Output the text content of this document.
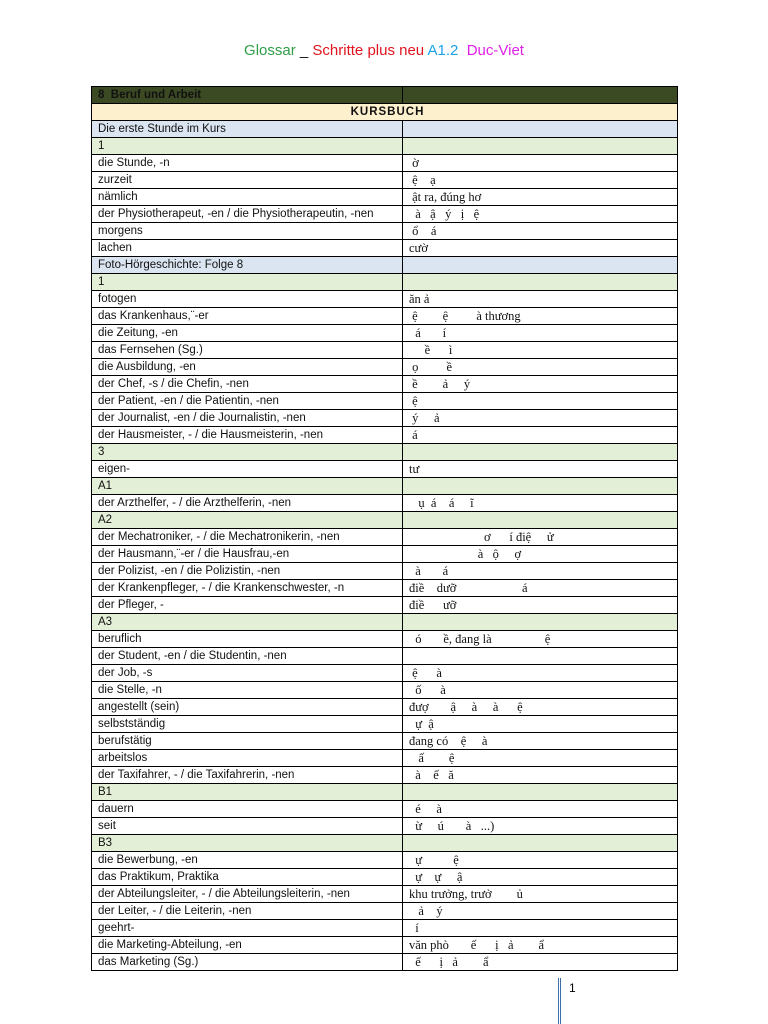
Glossar _ Schritte plus neu A1.2 Duc-Viet
8 Beruf und Arbeit	
KURSBUCH	
Die erste Stunde im Kurs	
1	
die Stunde, -n	ờ
zurzeit	ệ    ạ
nämlich	ật ra, đúng hơ
der Physiotherapeut, -en / die Physiotherapeutin, -nen	à   ậ   ý   ị   ệ
morgens	ổ    á
lachen	cườ
Foto-Hörgeschichte: Folge 8	
1	
fotogen	ăn ả
das Krankenhaus,¨-er	ệ        ệ         à thương
die Zeitung, -en	á       í
das Fernsehen (Sg.)	ề      ì
die Ausbildung, -en	ọ         ề
der Chef, -s / die Chefin, -nen	ề        ả     ý
der Patient, -en / die Patientin, -nen	ệ
der Journalist, -en / die Journalistin, -nen	ý     ả
der Hausmeister, - / die Hausmeisterin, -nen	á
3	
eigen-	tư
A1	
der Arzthelfer, - / die Arzthelferin, -nen	ụ  á    á     ĩ
A2	
der Mechatroniker, - / die Mechatronikerin, -nen	ơ      í điệ     ử
der Hausmann,¨-er / die Hausfrau,-en	à   ộ     ợ
der Polizist, -en / die Polizistin, -nen	à       á
der Krankenpfleger, - / die Krankenschwester, -n	điề    dưỡ                     á
der Pfleger, -	điề      ưỡ
A3	
beruflich	ó       ề, đang là                 ệ
der Student, -en / die Studentin, -nen	
der Job, -s	ệ      à
die Stelle, -n	ố      à
angestellt (sein)	đượ       ậ     à     à      ệ
selbstständig	ự  ậ
berufstätig	đang có    ệ     à
arbeitslos	ấ        ệ
der Taxifahrer, - / die Taxifahrerin, -nen	à    ế   ă
B1	
dauern	é     à
seit	ừ     ú       à   ...)
B3	
die Bewerbung, -en	ự          ệ
das Praktikum, Praktika	ự    ự     ậ
der Abteilungsleiter, - / die Abteilungsleiterin, -nen	khu trưởng, trưở        ủ
der Leiter, - / die Leiterin, -nen	ả    ý
geehrt-	í
die Marketing-Abteilung, -en	văn phò       ế      ị   ả        ẩ
das Marketing (Sg.)	ế      ị   ả        ẩ
1
